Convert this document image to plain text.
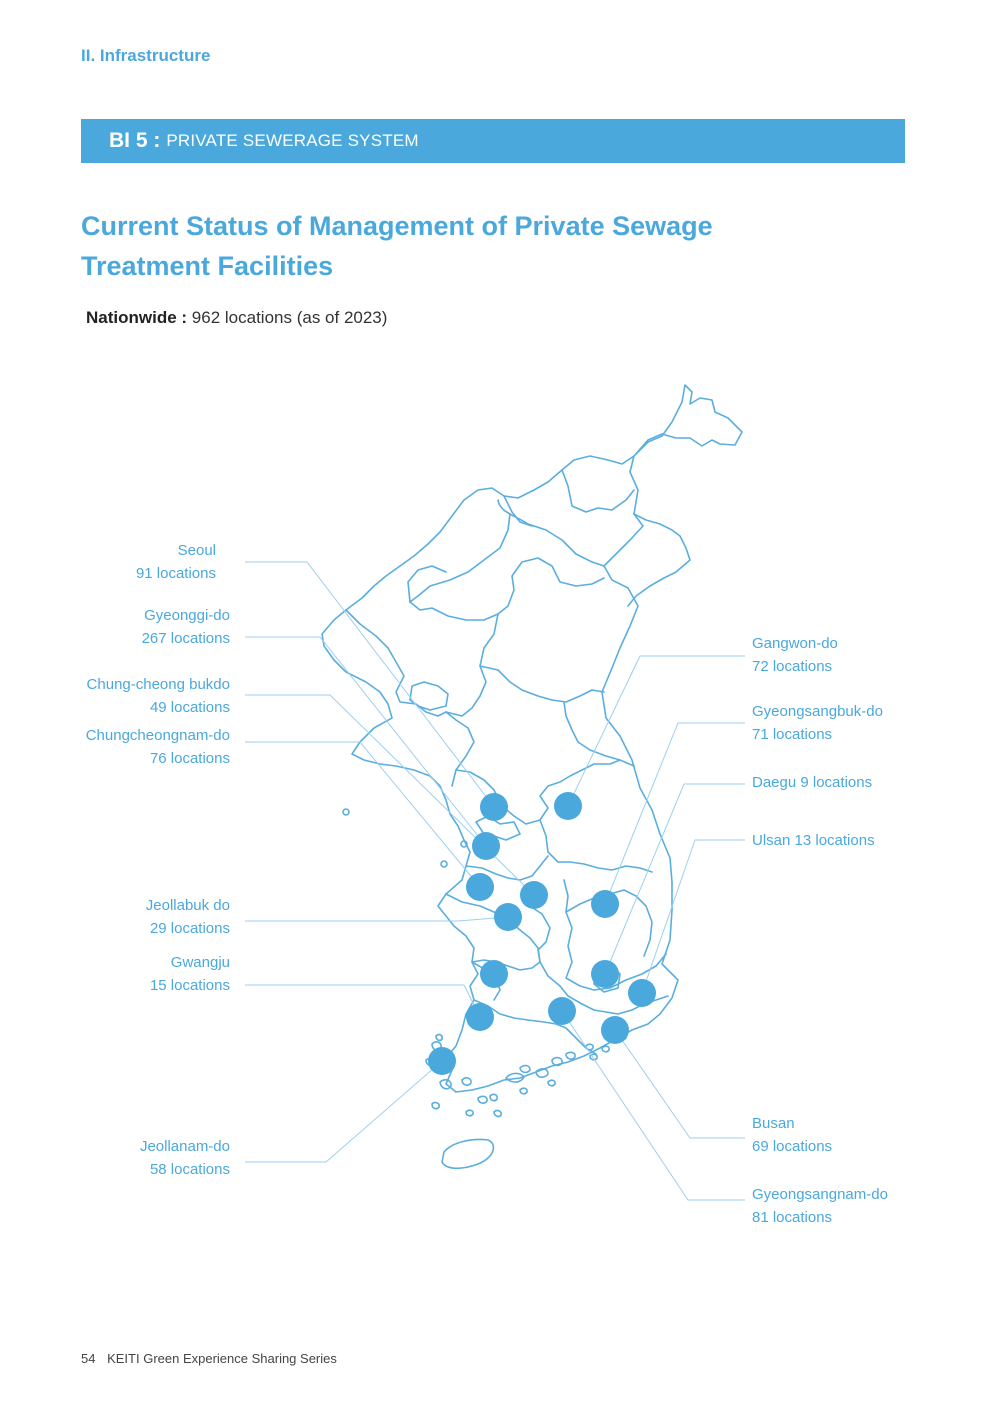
II. Infrastructure
BI 5 : PRIVATE SEWERAGE SYSTEM
Current Status of Management of Private Sewage Treatment Facilities
Nationwide : 962 locations (as of 2023)
Seoul
91 locations
Gyeonggi-do
267 locations
Chung-cheong bukdo
49 locations
Chungcheongnam-do
76 locations
Jeollabuk do
29 locations
Gwangju
15 locations
Jeollanam-do
58 locations
Gangwon-do
72 locations
Gyeongsangbuk-do
71 locations
Daegu 9 locations
Ulsan 13 locations
Busan
69 locations
Gyeongsangnam-do
81 locations
54 KEITI Green Experience Sharing Series
